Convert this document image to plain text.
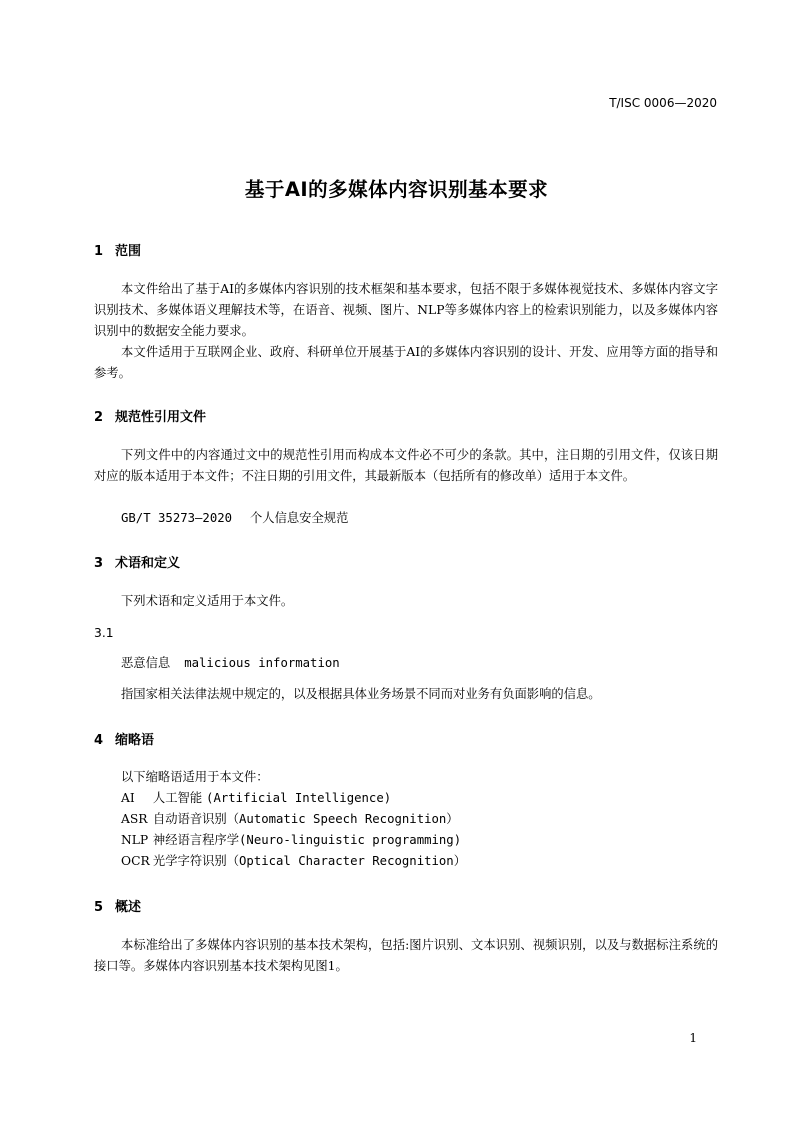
T/ISC 0006—2020
基于AI的多媒体内容识别基本要求
1 范围
本文件给出了基于AI的多媒体内容识别的技术框架和基本要求，包括不限于多媒体视觉技术、多媒体内容文字识别技术、多媒体语义理解技术等，在语音、视频、图片、NLP等多媒体内容上的检索识别能力，以及多媒体内容识别中的数据安全能力要求。
本文件适用于互联网企业、政府、科研单位开展基于AI的多媒体内容识别的设计、开发、应用等方面的指导和参考。
2 规范性引用文件
下列文件中的内容通过文中的规范性引用而构成本文件必不可少的条款。其中，注日期的引用文件，仅该日期对应的版本适用于本文件；不注日期的引用文件，其最新版本（包括所有的修改单）适用于本文件。
GB/T 35273—2020 个人信息安全规范
3 术语和定义
下列术语和定义适用于本文件。
3.1
恶意信息 malicious information
指国家相关法律法规中规定的，以及根据具体业务场景不同而对业务有负面影响的信息。
4 缩略语
以下缩略语适用于本文件：
AI 人工智能 (Artificial Intelligence)
ASR 自动语音识别（Automatic Speech Recognition）
NLP 神经语言程序学(Neuro-linguistic programming)
OCR 光学字符识别（Optical Character Recognition）
5 概述
本标准给出了多媒体内容识别的基本技术架构，包括:图片识别、文本识别、视频识别，以及与数据标注系统的接口等。多媒体内容识别基本技术架构见图1。
1
